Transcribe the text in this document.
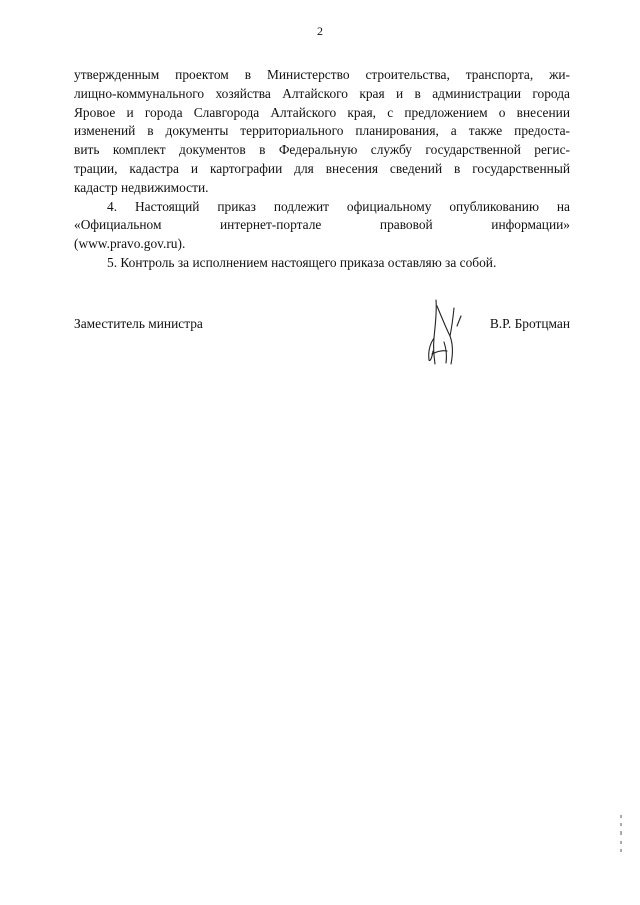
2
утвержденным проектом в Министерство строительства, транспорта, жи-
лищно-коммунального хозяйства Алтайского края и в администрации города
Яровое и города Славгорода Алтайского края, с предложением о внесении
изменений в документы территориального планирования, а также предоста-
вить комплект документов в Федеральную службу государственной регис-
трации, кадастра и картографии для внесения сведений в государственный
кадастр недвижимости.
4. Настоящий приказ подлежит официальному опубликованию на
«Официальном интернет-портале правовой информации»
(www.pravo.gov.ru).
5. Контроль за исполнением настоящего приказа оставляю за собой.
Заместитель министра	В.Р. Бротцман
